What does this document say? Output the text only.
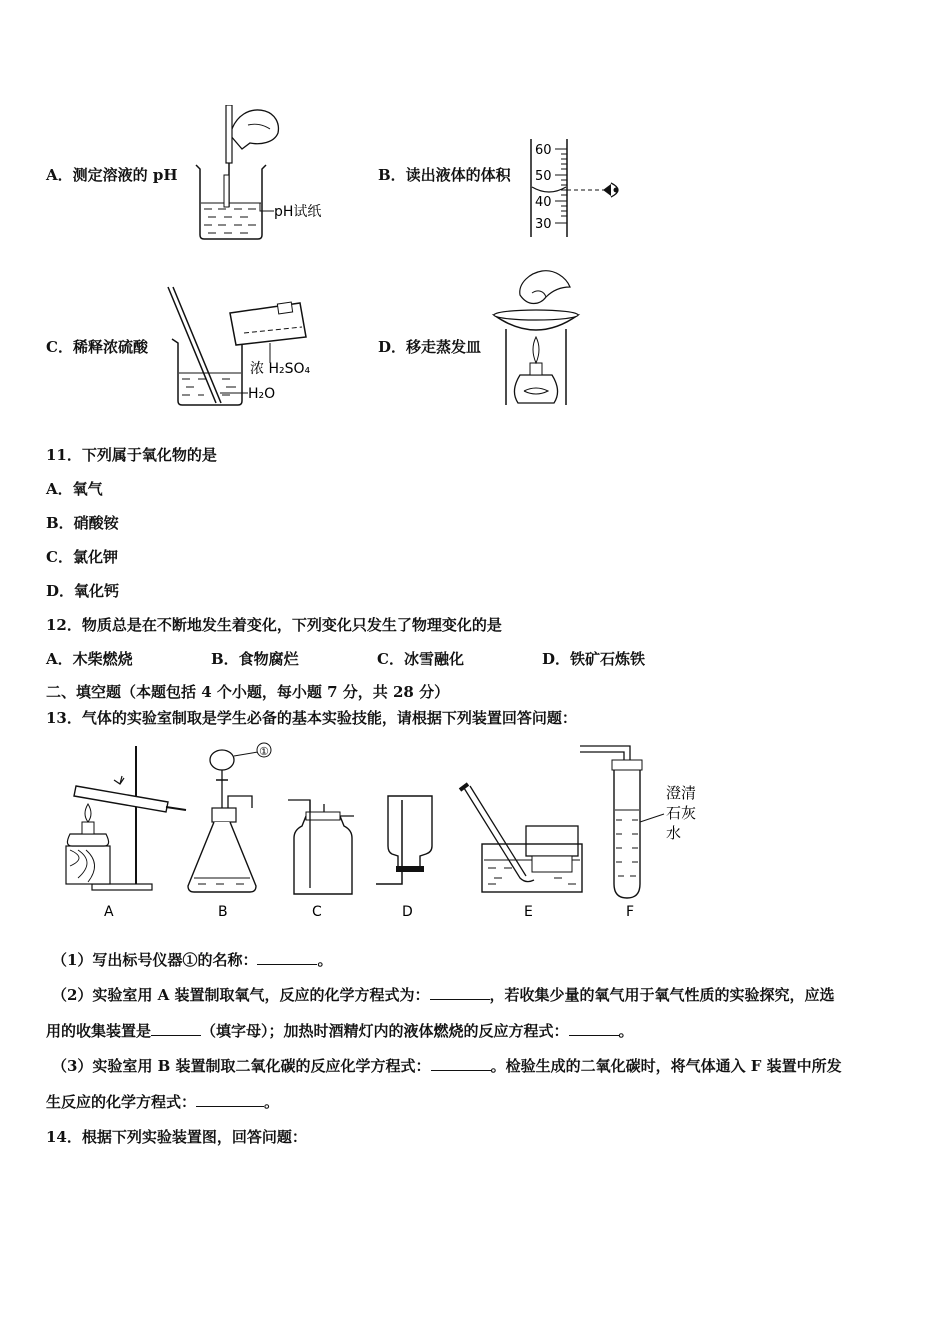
A．测定溶液的 pH
pH试纸
B．读出液体的体积
60
50
40
30
C．稀释浓硫酸
浓 H₂SO₄
H₂O
D．移走蒸发皿
11．下列属于氧化物的是
A．氧气
B．硝酸铵
C．氯化钾
D．氧化钙
12．物质总是在不断地发生着变化，下列变化只发生了物理变化的是
A．木柴燃烧	B．食物腐烂	C．冰雪融化	D．铁矿石炼铁
二、填空题（本题包括 4 个小题，每小题 7 分，共 28 分）
13．气体的实验室制取是学生必备的基本实验技能，请根据下列装置回答问题：
A
①
B	C	D	E
澄清
石灰
水
F
（1）写出标号仪器①的名称：	。
（2）实验室用 A 装置制取氧气，反应的化学方程式为：	，若收集少量的氧气用于氧气性质的实验探究，应选
用的收集装置是	（填字母）；加热时酒精灯内的液体燃烧的反应方程式：	。
（3）实验室用 B 装置制取二氧化碳的反应化学方程式：	。检验生成的二氧化碳时，将气体通入 F 装置中所发
生反应的化学方程式：	。
14．根据下列实验装置图，回答问题：
